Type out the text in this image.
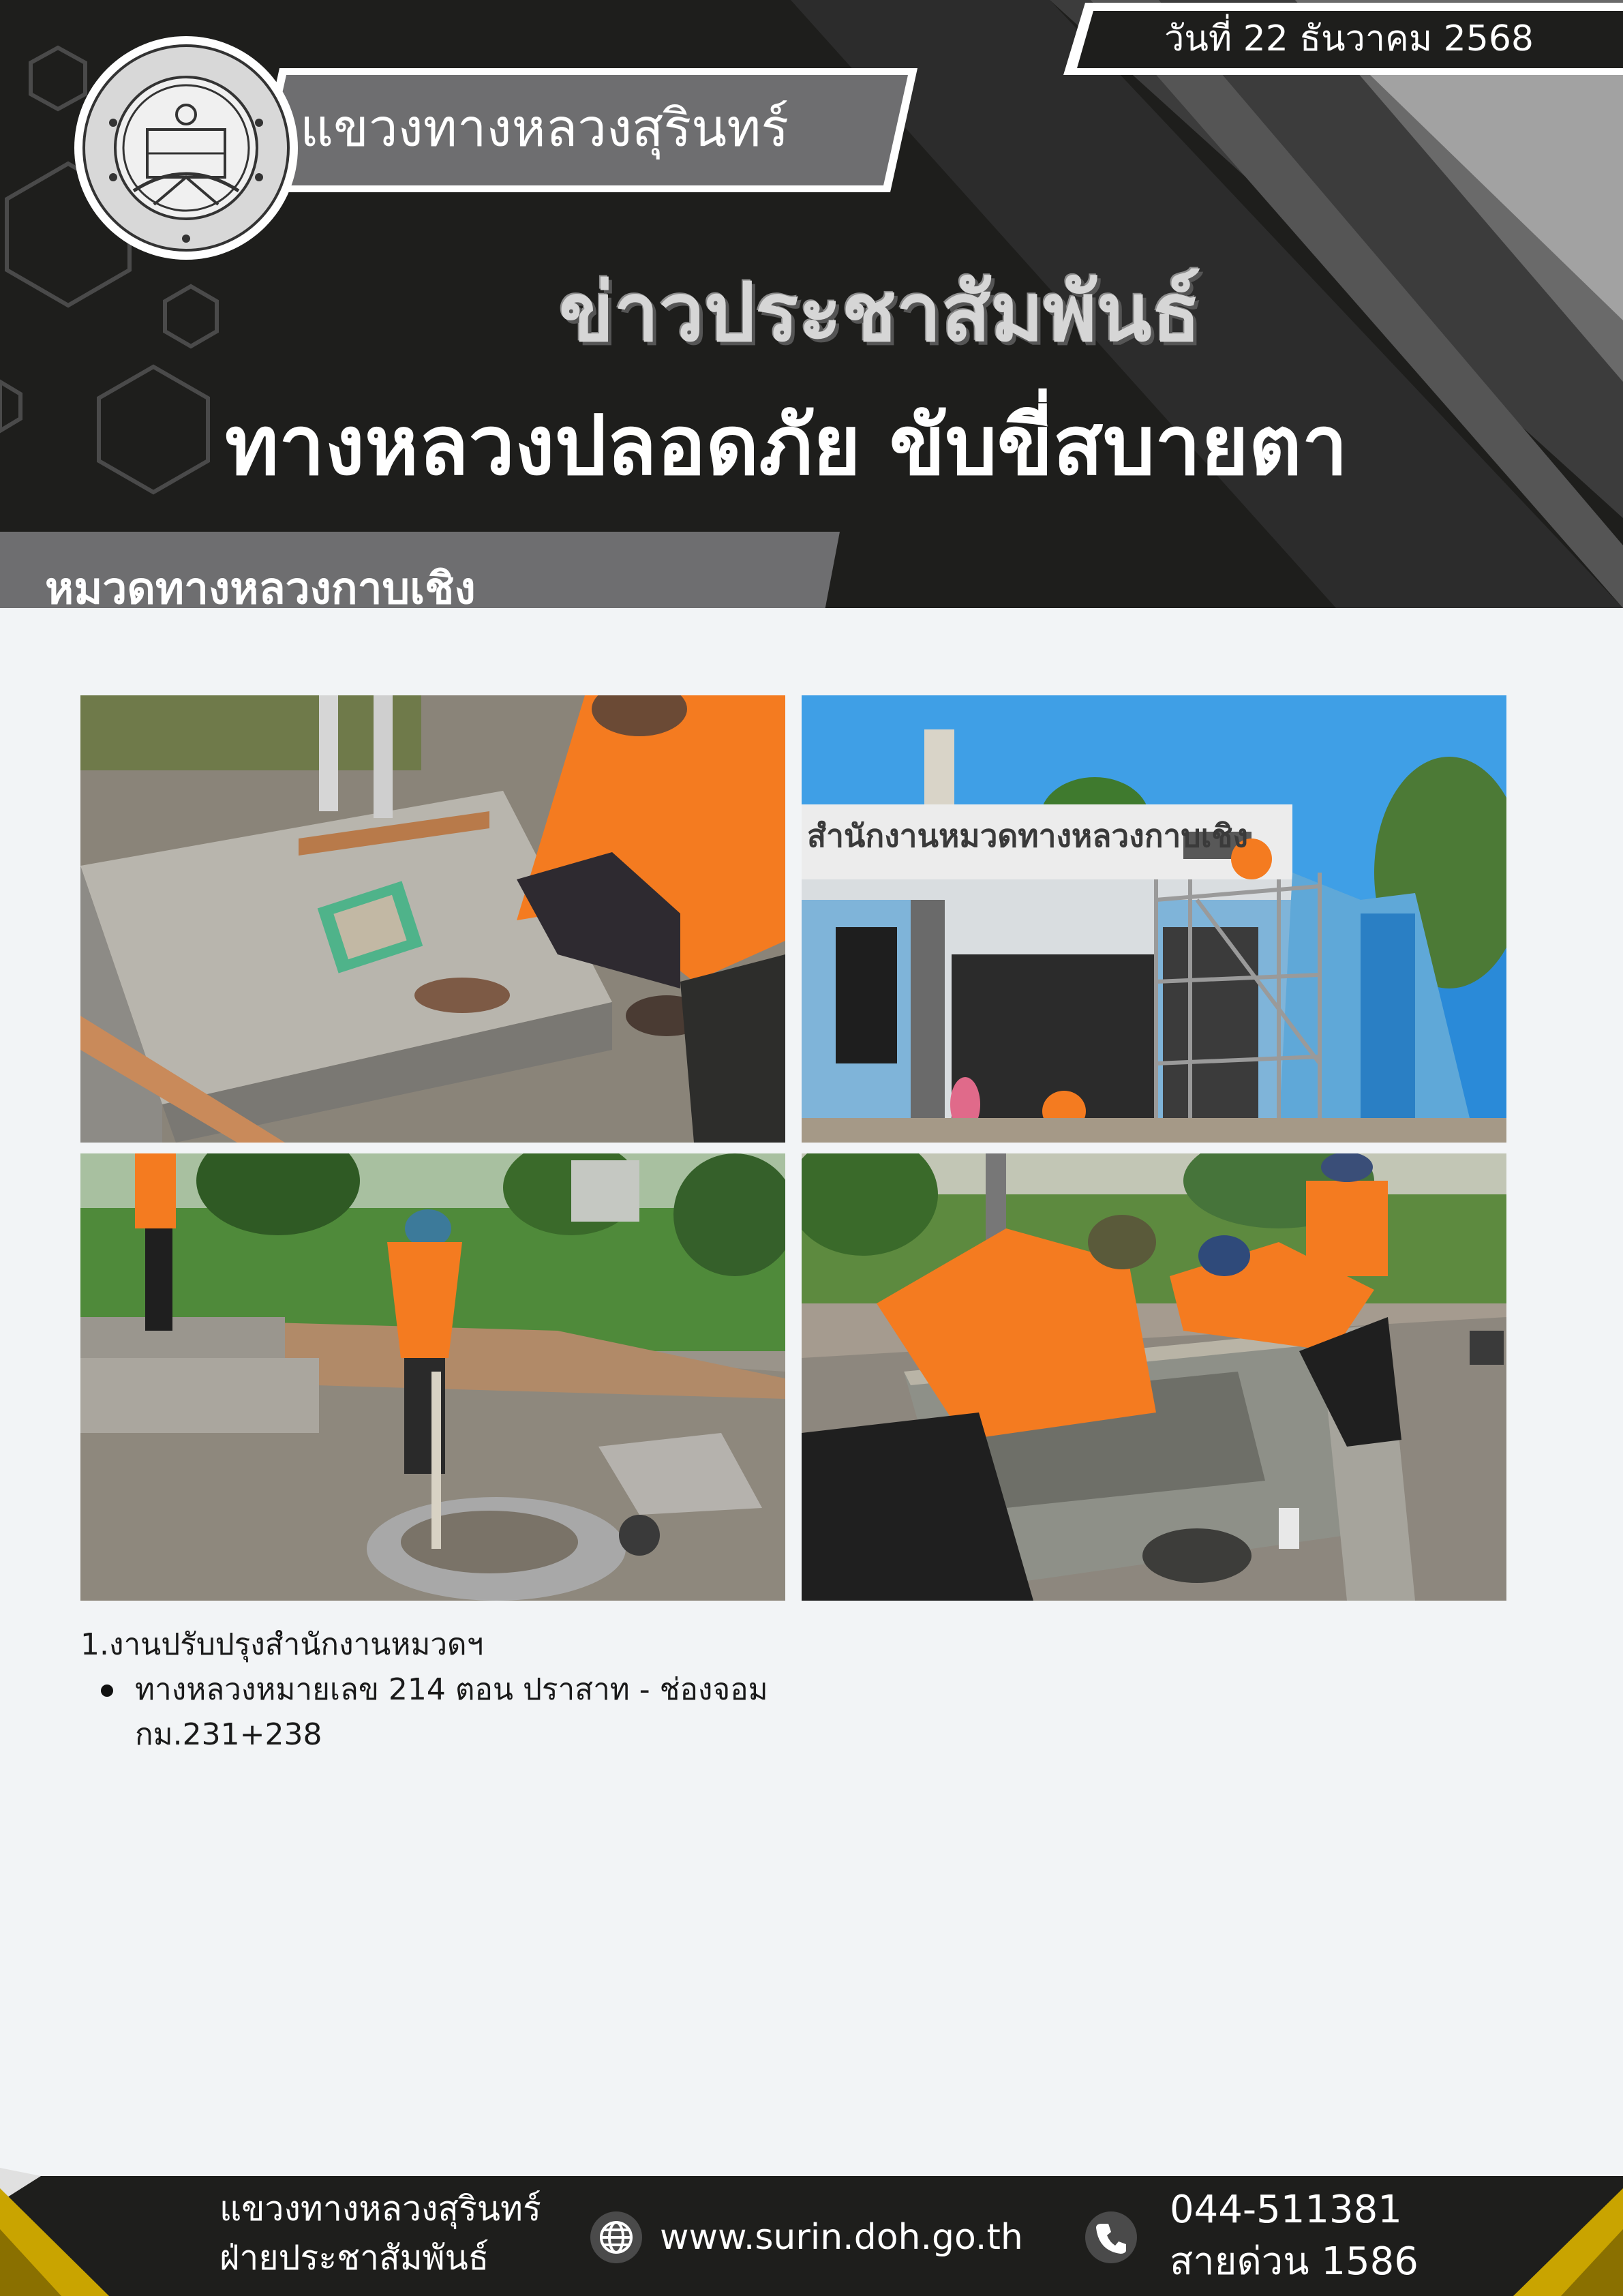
วันที่ 22 ธันวาคม 2568
แขวงทางหลวงสุรินทร์
ข่าวประชาสัมพันธ์
ทางหลวงปลอดภัย ขับขี่สบายตา
หมวดทางหลวงกาบเชิง
สำนักงานหมวดทางหลวงกาบเชิง
1.งานปรับปรุงสำนักงานหมวดฯ
ทางหลวงหมายเลข 214 ตอน ปราสาท - ช่องจอม
กม.231+238
แขวงทางหลวงสุรินทร์
ฝ่ายประชาสัมพันธ์	www.surin.doh.go.th
044-511381
สายด่วน 1586
